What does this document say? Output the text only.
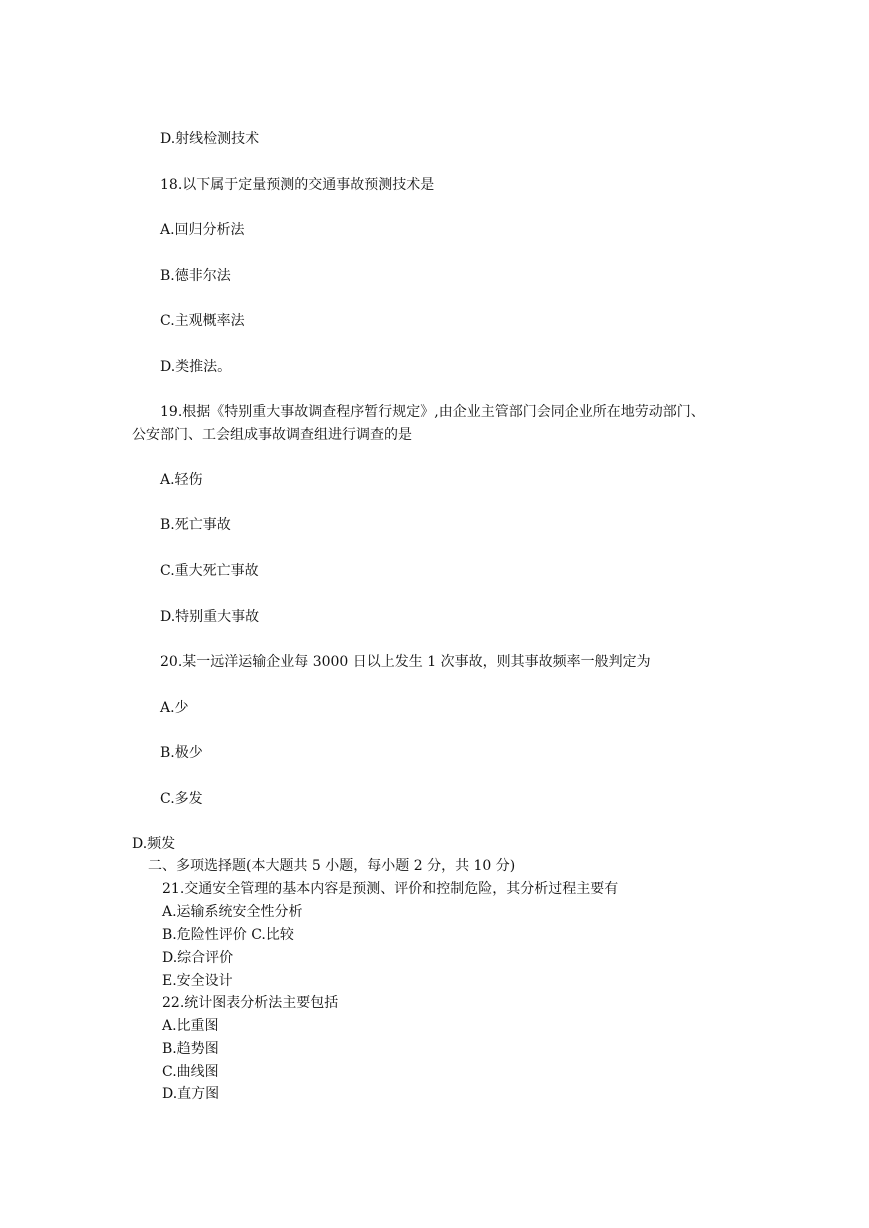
D.射线检测技术

18.以下属于定量预测的交通事故预测技术是

A.回归分析法

B.德非尔法

C.主观概率法

D.类推法。

19.根据《特别重大事故调查程序暂行规定》,由企业主管部门会同企业所在地劳动部门、

公安部门、工会组成事故调查组进行调查的是

A.轻伤

B.死亡事故

C.重大死亡事故

D.特别重大事故

20.某一远洋运输企业每 3000 日以上发生 1 次事故，则其事故频率一般判定为

A.少

B.极少

C.多发

D.频发

二、多项选择题(本大题共 5 小题，每小题 2 分，共 10 分)

21.交通安全管理的基本内容是预测、评价和控制危险，其分析过程主要有

A.运输系统安全性分析

B.危险性评价 C.比较

D.综合评价

E.安全设计

22.统计图表分析法主要包括

A.比重图

B.趋势图

C.曲线图

D.直方图
